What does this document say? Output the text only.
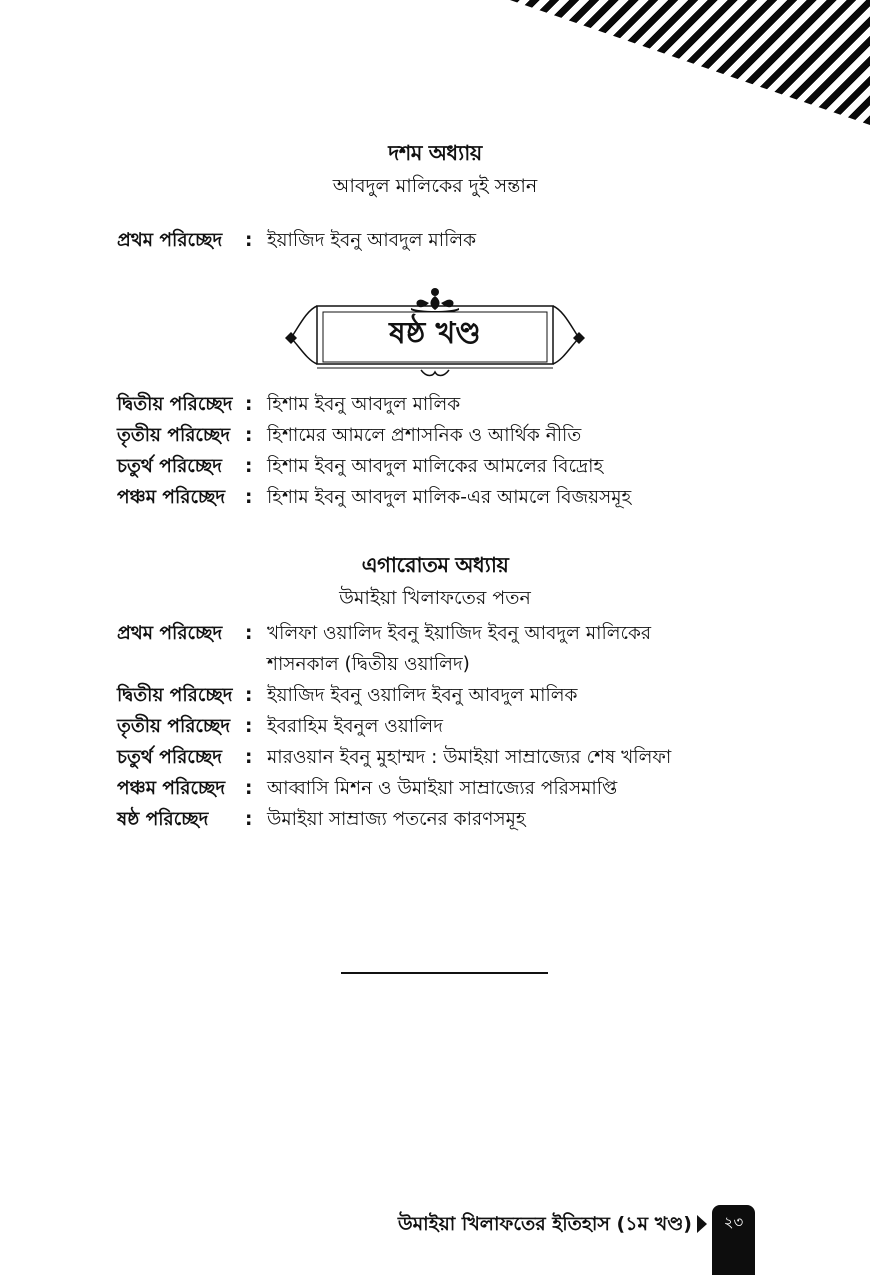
দশম অধ্যায়
আবদুল মালিকের দুই সন্তান
প্রথম পরিচ্ছেদ	: ইয়াজিদ ইবনু আবদুল মালিক
ষষ্ঠ খণ্ড
দ্বিতীয় পরিচ্ছেদ : হিশাম ইবনু আবদুল মালিক
তৃতীয় পরিচ্ছেদ : হিশামের আমলে প্রশাসনিক ও আর্থিক নীতি
চতুর্থ পরিচ্ছেদ	: হিশাম ইবনু আবদুল মালিকের আমলের বিদ্রোহ
পঞ্চম পরিচ্ছেদ	: হিশাম ইবনু আবদুল মালিক-এর আমলে বিজয়সমূহ
এগারোতম অধ্যায়
উমাইয়া খিলাফতের পতন
প্রথম পরিচ্ছেদ	: খলিফা ওয়ালিদ ইবনু ইয়াজিদ ইবনু আবদুল মালিকের
শাসনকাল (দ্বিতীয় ওয়ালিদ)
দ্বিতীয় পরিচ্ছেদ : ইয়াজিদ ইবনু ওয়ালিদ ইবনু আবদুল মালিক
তৃতীয় পরিচ্ছেদ : ইবরাহিম ইবনুল ওয়ালিদ
চতুর্থ পরিচ্ছেদ	: মারওয়ান ইবনু মুহাম্মদ : উমাইয়া সাম্রাজ্যের শেষ খলিফা
পঞ্চম পরিচ্ছেদ	: আব্বাসি মিশন ও উমাইয়া সাম্রাজ্যের পরিসমাপ্তি
ষষ্ঠ পরিচ্ছেদ	: উমাইয়া সাম্রাজ্য পতনের কারণসমূহ
উমাইয়া খিলাফতের ইতিহাস (১ম খণ্ড)	২৩
